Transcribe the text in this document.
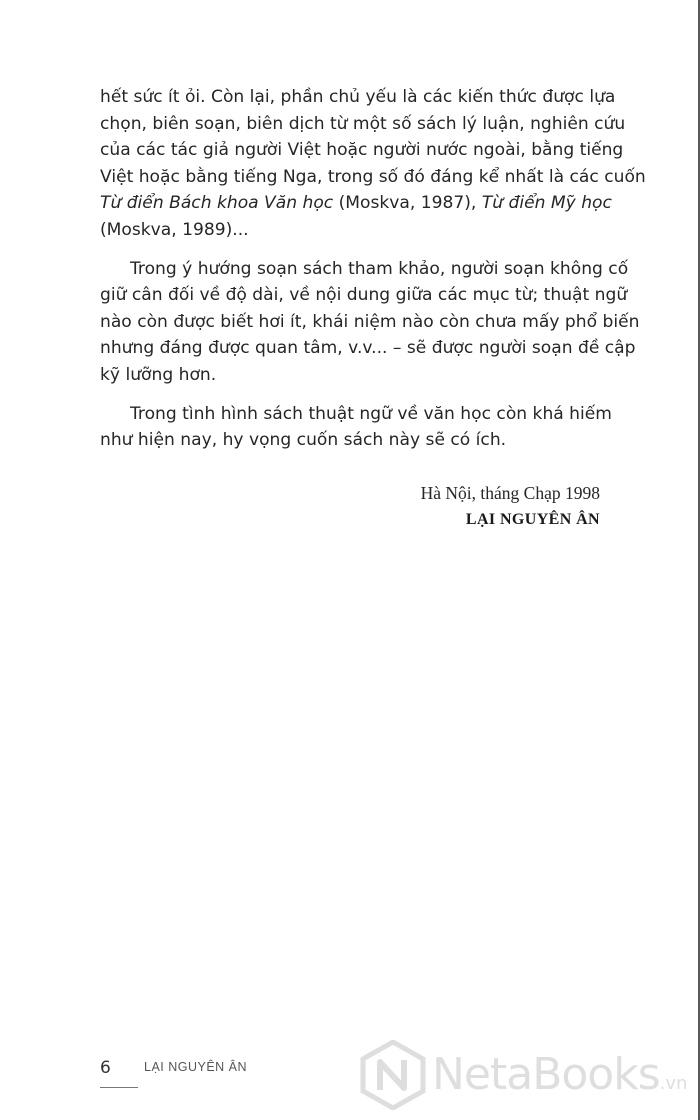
hết sức ít ỏi. Còn lại, phần chủ yếu là các kiến thức được lựa
chọn, biên soạn, biên dịch từ một số sách lý luận, nghiên cứu
của các tác giả người Việt hoặc người nước ngoài, bằng tiếng
Việt hoặc bằng tiếng Nga, trong số đó đáng kể nhất là các cuốn
Từ điển Bách khoa Văn học (Moskva, 1987), Từ điển Mỹ học
(Moskva, 1989)...

Trong ý hướng soạn sách tham khảo, người soạn không cố
giữ cân đối về độ dài, về nội dung giữa các mục từ; thuật ngữ
nào còn được biết hơi ít, khái niệm nào còn chưa mấy phổ biến
nhưng đáng được quan tâm, v.v... – sẽ được người soạn đề cập
kỹ lưỡng hơn.

Trong tình hình sách thuật ngữ về văn học còn khá hiếm
như hiện nay, hy vọng cuốn sách này sẽ có ích.

Hà Nội, tháng Chạp 1998
LẠI NGUYÊN ÂN
6	LẠI NGUYÊN ÂN	NetaBooks.vn
